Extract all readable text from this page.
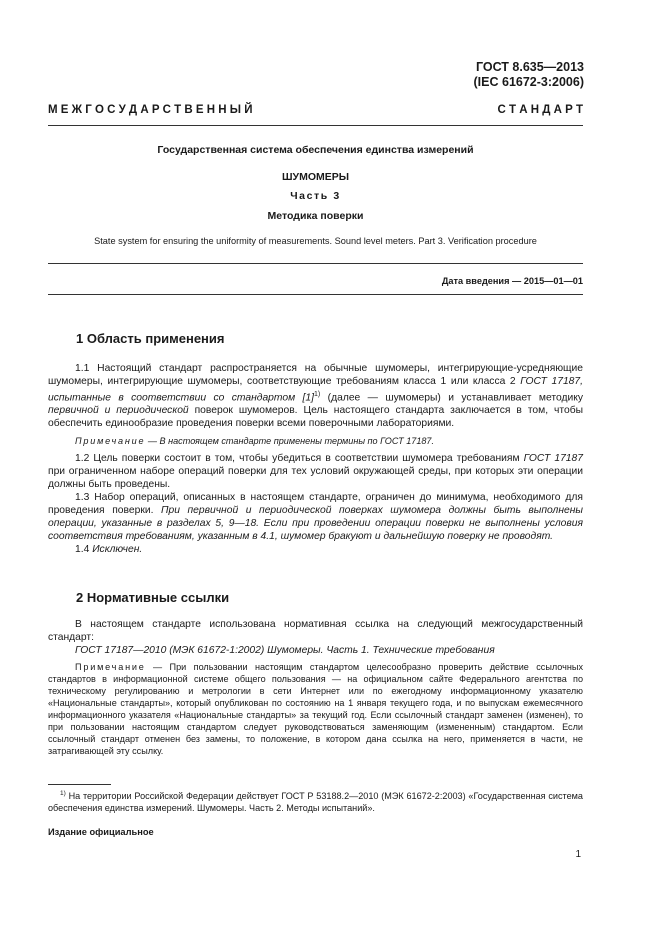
ГОСТ 8.635—2013
(IEC 61672-3:2006)
М Е Ж Г О С У Д А Р С Т В Е Н Н Ы Й	С Т А Н Д А Р Т
Государственная система обеспечения единства измерений
ШУМОМЕРЫ
Часть 3
Методика поверки
State system for ensuring the uniformity of measurements. Sound level meters. Part 3. Verification procedure
Дата введения — 2015—01—01
1 Область применения

1.1 Настоящий стандарт распространяется на обычные шумомеры, интегрирующие-усредняющие шумомеры, интегрирующие шумомеры, соответствующие требованиям класса 1 или класса 2 ГОСТ 17187, испытанные в соответствии со стандартом $[1]^{1)}$ (далее — шумомеры) и устанавливает методику первичной и периодической поверок шумомеров. Цель настоящего стандарта заключается в том, чтобы обеспечить единообразие проведения поверки всеми поверочными лабораториями.

Примечание — В настоящем стандарте применены термины по ГОСТ 17187.

1.2 Цель поверки состоит в том, чтобы убедиться в соответствии шумомера требованиям ГОСТ 17187 при ограниченном наборе операций поверки для тех условий окружающей среды, при которых эти операции должны быть проведены.

1.3 Набор операций, описанных в настоящем стандарте, ограничен до минимума, необходимого для проведения поверки. При первичной и периодической поверках шумомера должны быть выполнены операции, указанные в разделах 5, 9—18. Если при проведении операции поверки не выполнены условия соответствия требованиям, указанным в 4.1, шумомер бракуют и дальнейшую поверку не проводят.

1.4 Исключен.

2 Нормативные ссылки

В настоящем стандарте использована нормативная ссылка на следующий межгосударственный стандарт:

ГОСТ 17187—2010 (МЭК 61672-1:2002) Шумомеры. Часть 1. Технические требования

Примечание — При пользовании настоящим стандартом целесообразно проверить действие ссылочных стандартов в информационной системе общего пользования — на официальном сайте Федерального агентства по техническому регулированию и метрологии в сети Интернет или по ежегодному информационному указателю «Национальные стандарты», который опубликован по состоянию на 1 января текущего года, и по выпускам ежемесячного информационного указателя «Национальные стандарты» за текущий год. Если ссылочный стандарт заменен (изменен), то при пользовании настоящим стандартом следует руководствоваться заменяющим (измененным) стандартом. Если ссылочный стандарт отменен без замены, то положение, в котором дана ссылка на него, применяется в части, не затрагивающей эту ссылку.

$^{1)}$ На территории Российской Федерации действует ГОСТ Р 53188.2—2010 (МЭК 61672-2:2003) «Государственная система обеспечения единства измерений. Шумомеры. Часть 2. Методы испытаний».
Издание официальное
1
